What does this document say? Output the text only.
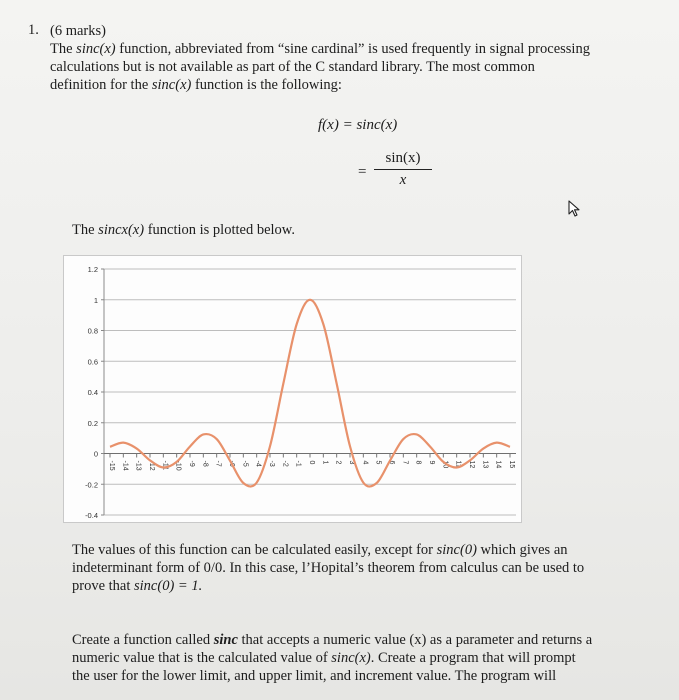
1. (6 marks)
The sinc(x) function, abbreviated from “sine cardinal” is used frequently in signal processing
calculations but is not available as part of the C standard library. The most common
definition for the sinc(x) function is the following:
f(x) = sinc(x)
= $\frac{\sin(x)}{x}$
The sincx(x) function is plotted below.
1.2
1
0.8
0.6
0.4
0.2
0
-0.2
-0.4
-15 -14 -13 -12 -11 -10 -9 -8 -7 -6 -5 -4 -3 -2 -1 0 1 2 3 4 5 6 7 8 9 10 11 12 13 14 15
The values of this function can be calculated easily, except for sinc(0) which gives an
indeterminant form of 0/0. In this case, l’Hopital’s theorem from calculus can be used to
prove that sinc(0) = 1.
Create a function called sinc that accepts a numeric value (x) as a parameter and returns a
numeric value that is the calculated value of sinc(x). Create a program that will prompt
the user for the lower limit, and upper limit, and increment value. The program will
